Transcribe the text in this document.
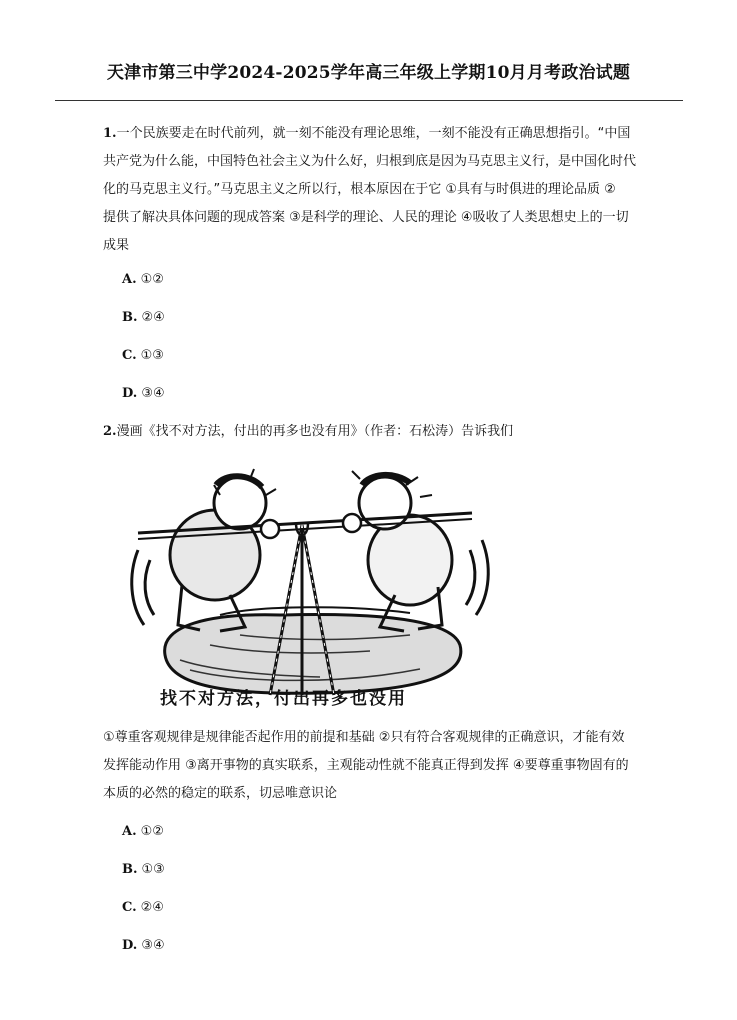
天津市第三中学2024-2025学年高三年级上学期10月月考政治试题
1.一个民族要走在时代前列，就一刻不能没有理论思维，一刻不能没有正确思想指引。“中国
共产党为什么能，中国特色社会主义为什么好，归根到底是因为马克思主义行，是中国化时代
化的马克思主义行。”马克思主义之所以行，根本原因在于它 ①具有与时俱进的理论品质 ②
提供了解决具体问题的现成答案 ③是科学的理论、人民的理论 ④吸收了人类思想史上的一切
成果
A. ①②
B. ②④
C. ①③
D. ③④
2.漫画《找不对方法，付出的再多也没有用》（作者：石松涛）告诉我们
找不对方法，付出再多也没用
①尊重客观规律是规律能否起作用的前提和基础 ②只有符合客观规律的正确意识，才能有效
发挥能动作用 ③离开事物的真实联系，主观能动性就不能真正得到发挥 ④要尊重事物固有的
本质的必然的稳定的联系，切忌唯意识论
A. ①②
B. ①③
C. ②④
D. ③④
